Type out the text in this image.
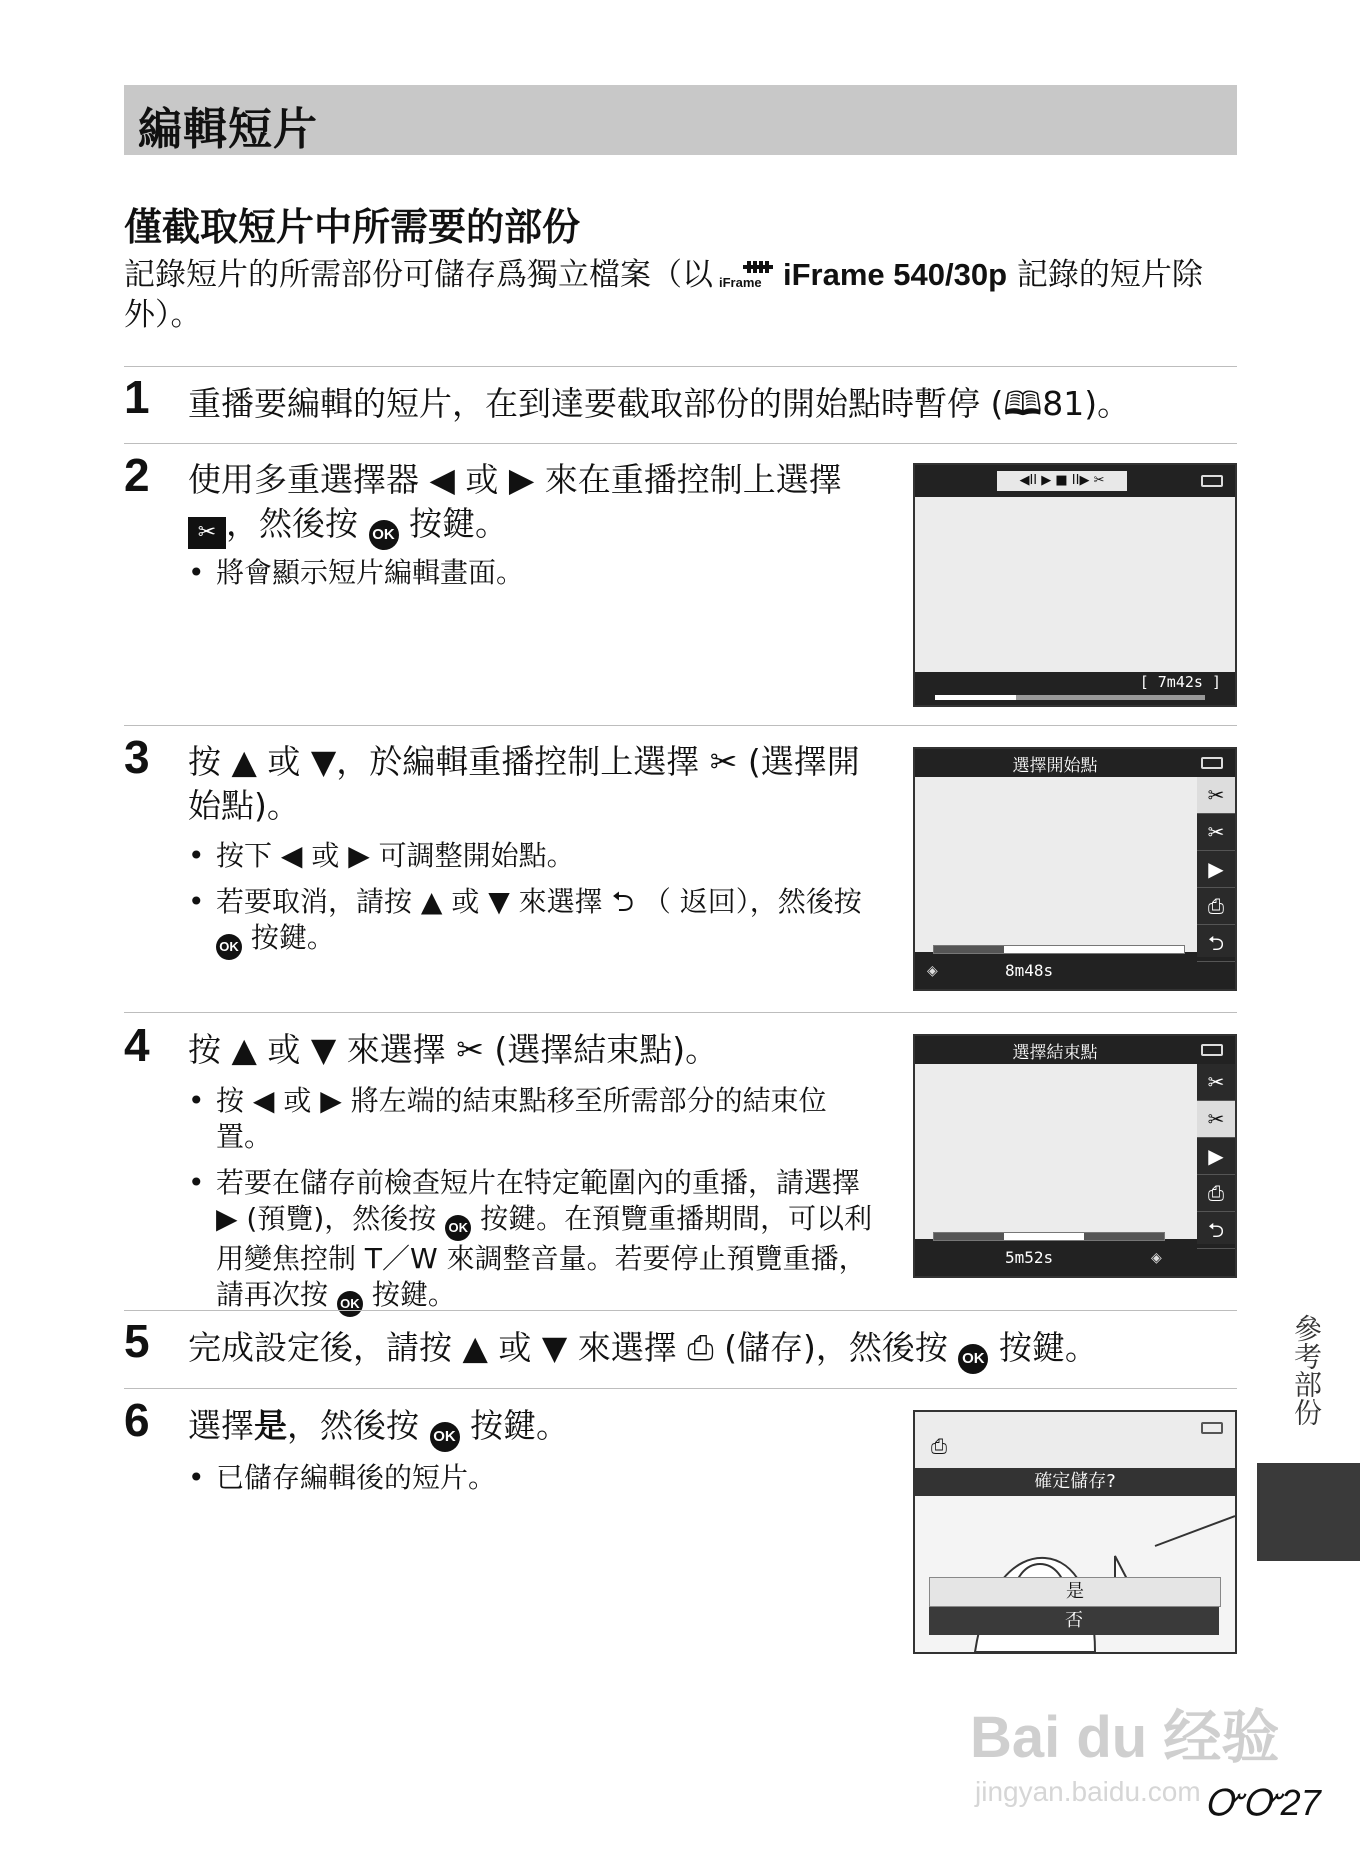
編輯短片
僅截取短片中所需要的部份
記錄短片的所需部份可儲存爲獨立檔案（以 iFrame iFrame 540/30p 記錄的短片除外）。
1 重播要編輯的短片，在到達要截取部份的開始點時暫停 (🕮81)。
2 使用多重選擇器 ◀ 或 ▶ 來在重播控制上選擇 ✂ ，然後按 OK 按鍵。
• 將會顯示短片編輯畫面。
◀II ▶ ■ II▶ ✂
[ 7m42s ]
3 按 ▲ 或 ▼，於編輯重播控制上選擇 ✂ (選擇開始點)。
• 按下 ◀ 或 ▶ 可調整開始點。
• 若要取消，請按 ▲ 或 ▼ 來選擇 ⮌ （ 返回），然後按 OK 按鍵。
選擇開始點
✂
✂
▶
⎙
⮌
◈	8m48s
4 按 ▲ 或 ▼ 來選擇 ✂ (選擇結束點)。
• 按 ◀ 或 ▶ 將左端的結束點移至所需部分的結束位置。
• 若要在儲存前檢查短片在特定範圍內的重播，請選擇 ▶ (預覽)，然後按 OK 按鍵。在預覽重播期間，可以利用變焦控制 T／W 來調整音量。若要停止預覽重播，請再次按 OK 按鍵。
選擇結束點
✂
✂
▶
⎙
⮌
5m52s	◈
5 完成設定後，請按 ▲ 或 ▼ 來選擇 ⎙ (儲存)，然後按 OK 按鍵。
6 選擇是，然後按 OK 按鍵。
• 已儲存編輯後的短片。
⎙
確定儲存?
是
否
參考部份
Bai du 经验
jingyan.baidu.com ᏅᏅ27
